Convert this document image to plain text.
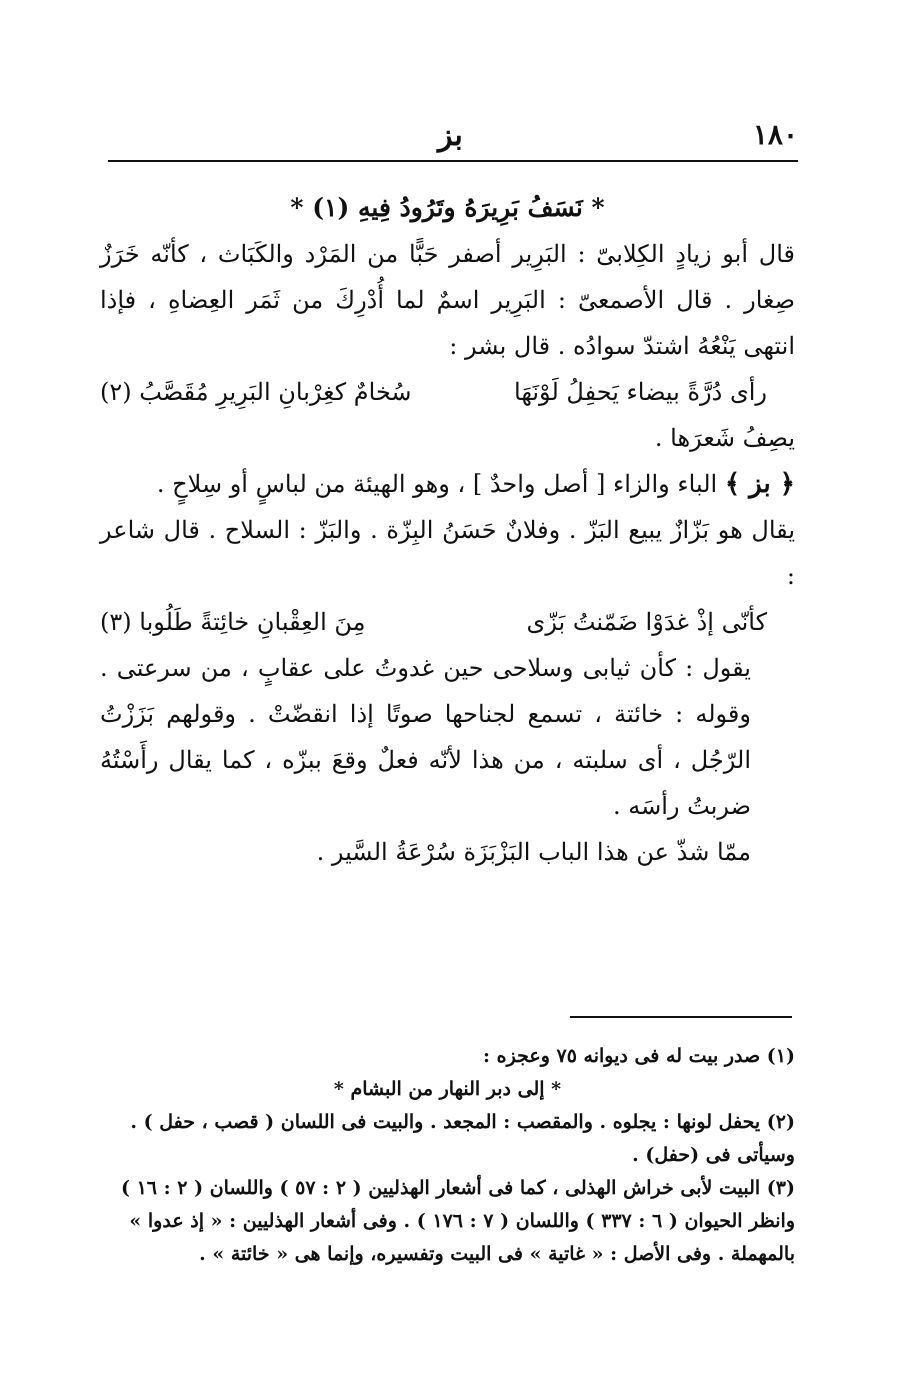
١٨٠
بز

* نَسَفُ بَرِيرَهُ وتَرُودُ فِيهِ (١) *

قال أبو زيادٍ الكِلابىّ : البَرِير أصفر حَبًّا من المَرْد والكَبَاث ، كأنّه خَرَزٌ صِغار . قال الأصمعىّ : البَرِير اسمٌ لما أُدْرِكَ من ثَمَر العِضاهِ ، فإذا انتهى يَنْعُهُ اشتدّ سوادُه . قال بشر :

رأى دُرَّةً بيضاء يَحفِلُ لَوْنَهَا
سُخامٌ كغِرْبانِ البَرِيرِ مُقَصَّبُ (٢)

يصِفُ شَعرَها .

﴿ بز ﴾ الباء والزاء [ أصل واحدٌ ] ، وهو الهيئة من لباسٍ أو سِلاحٍ .

يقال هو بَزّازٌ يبيع البَزّ . وفلانٌ حَسَنُ البِزّة . والبَزّ : السلاح . قال شاعر :

كأنّى إذْ غدَوْا ضَمّنتُ بَزّى
مِنَ العِقْبانِ خائِتةً طَلُوبا (٣)

يقول : كأن ثيابى وسلاحى حين غدوتُ على عقابٍ ، من سرعتى . وقوله : خائتة ، تسمع لجناحها صوتًا إذا انقضّتْ . وقولهم بَزَزْتُ الرّجُل ، أى سلبته ، من هذا لأنّه فعلٌ وقعَ ببزّه ، كما يقال رأَسْتُهُ ضربتُ رأسَه .

ممّا شذّ عن هذا الباب البَزْبَزَة سُرْعَةُ السَّير .

(١) صدر بيت له فى ديوانه ٧٥ وعجزه :

* إلى دبر النهار من البشام *

(٢) يحفل لونها : يجلوه . والمقصب : المجعد . والبيت فى اللسان ( قصب ، حفل ) . وسيأتى فى (حفل) .

(٣) البيت لأبى خراش الهذلى ، كما فى أشعار الهذليين ( ٢ : ٥٧ ) واللسان ( ٢ : ١٦ ) وانظر الحيوان ( ٦ : ٣٣٧ ) واللسان ( ٧ : ١٧٦ ) . وفى أشعار الهذليين : « إذ عدوا » بالمهملة . وفى الأصل : « غاتية » فى البيت وتفسيره، وإنما هى « خائتة » .
